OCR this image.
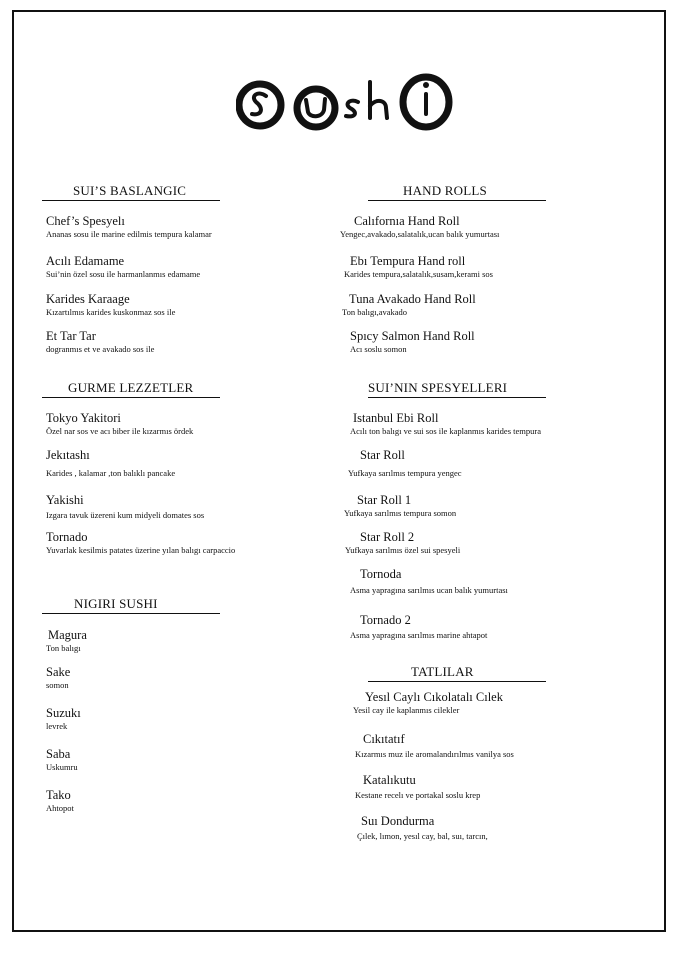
SUI’S BASLANGIC
Chef’s Spesyelı
Ananas sosu ile marine edilmis tempura kalamar
Acılı Edamame
Sui’nin özel sosu ile harmanlanmıs edamame
Karides Karaage
Kızartılmıs karides kuskonmaz sos ile
Et Tar Tar
dogranmıs et ve avakado sos ile
GURME LEZZETLER
Tokyo Yakitori
Özel nar sos ve acı biber ile kızarmıs ördek
Jekıtashı
Karides , kalamar ,ton balıklı pancake
Yakishi
Izgara tavuk üzereni kum midyeli domates sos
Tornado
Yuvarlak kesilmis patates üzerine yılan balıgı carpaccio
NIGIRI SUSHI
Magura
Ton balıgı
Sake
somon
Suzukı
levrek
Saba
Uskumru
Tako
Ahtopot
HAND ROLLS
Calıfornıa Hand Roll
Yengec,avakado,salatalık,ucan balık yumurtası
Ebı Tempura Hand roll
Karides tempura,salatalık,susam,kerami sos
Tuna Avakado Hand Roll
Ton balıgı,avakado
Spıcy Salmon Hand Roll
Acı soslu somon
SUI’NIN SPESYELLERI
Istanbul Ebi Roll
Acılı ton balıgı ve sui sos ile kaplanmıs karides tempura
Star Roll
Yufkaya sarılmıs tempura yengec
Star Roll 1
Yufkaya sarılmıs tempura somon
Star Roll 2
Yufkaya sarılmıs özel sui spesyeli
Tornoda
Asma yapragına sarılmıs ucan balık yumurtası
Tornado 2
Asma yapragına sarılmıs marine ahtapot
TATLILAR
Yesıl Caylı Cıkolatalı Cılek
Yesil cay ile kaplanmıs cilekler
Cıkıtatıf
Kızarmıs muz ile aromalandırılmıs vanilya sos
Katalıkutu
Kestane recelı ve portakal soslu krep
Suı Dondurma
Çılek, lımon, yesıl cay, bal, suı, tarcın,
